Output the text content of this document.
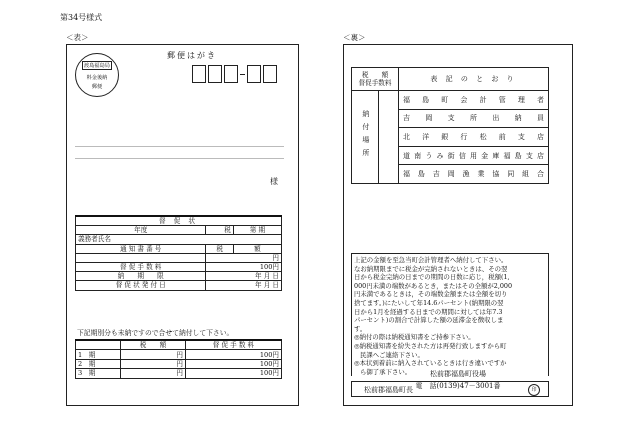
第34号様式
＜表＞	＜裏＞
渡島福島局
料金後納
郵便
郵便はがき
様
督 促 状		
年度	税	第 期
義務者氏名		
通 知 書 番 号	税	額
	円	
督 促 手 数 料	100円	
納　　期　　限	年 月 日	
督 促 状 発 付 日	年 月 日	
下記期別分も未納ですので合せて納付して下さい。
	税　　額	督 促 手 数 料
1　期	円	100円
2　期	円	100円
3　期	円	100円
税　　額
督促手数料		表 記 の と お り
納付場所		福島町会計管理者
		吉岡支所出納員
		北洋銀行松前支店
		道南うみ街信用金庫福島支店
		福島吉岡漁業協同組合

上記の金額を至急当町会計管理者へ納付して下さい。

なお納期限までに税金が完納されないときは、その翌

日から税金完納の日までの期間の日数に応じ，税額(1,

000円未満の端数があるとき，またはその全額が2,000

円未満であるときは，その端数金額または全額を切り

捨てます。)にたいして年14.6パーセント(納期限の翌

日から1月を経過する日までの期間に対しては年7.3

パーセント)の割合で計算した額の延滞金を徴収しま

す。

◎納付の際は納税通知書をご持参下さい。

◎納税通知書を紛失された方は再発行致しますから町

民課へご連絡下さい。

◎本状到着前に納入されているときは行き違いですか

ら御了承下さい。

松前郡福島町長	印
松前郡福島町役場
電　話(0139)47－3001番
